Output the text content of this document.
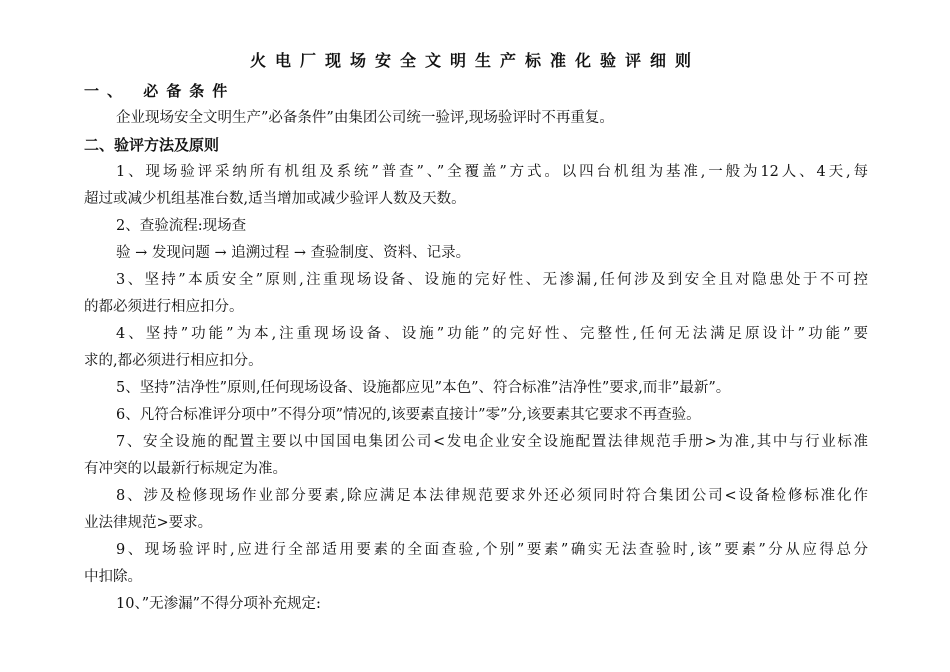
火电厂现场安全文明生产标准化验评细则
一、 必备条件
企业现场安全文明生产”必备条件”由集团公司统一验评,现场验评时不再重复。
二、验评方法及原则
1、现场验评采纳所有机组及系统”普查”、”全覆盖”方式。以四台机组为基准,一般为12人、4天,每
超过或减少机组基准台数,适当增加或减少验评人数及天数。
2、查验流程:现场查
验 → 发现问题 → 追溯过程 → 查验制度、资料、记录。
3、坚持”本质安全”原则,注重现场设备、设施的完好性、无渗漏,任何涉及到安全且对隐患处于不可控
的都必须进行相应扣分。
4、坚持”功能”为本,注重现场设备、设施”功能”的完好性、完整性,任何无法满足原设计”功能”要
求的,都必须进行相应扣分。
5、坚持”洁净性”原则,任何现场设备、设施都应见”本色”、符合标准”洁净性”要求,而非”最新”。
6、凡符合标准评分项中”不得分项”情况的,该要素直接计”零”分,该要素其它要求不再查验。
7、安全设施的配置主要以中国国电集团公司<发电企业安全设施配置法律规范手册>为准,其中与行业标准
有冲突的以最新行标规定为准。
8、涉及检修现场作业部分要素,除应满足本法律规范要求外还必须同时符合集团公司<设备检修标准化作
业法律规范>要求。
9、现场验评时,应进行全部适用要素的全面查验,个别”要素”确实无法查验时,该”要素”分从应得总分
中扣除。
10、”无渗漏”不得分项补充规定:
